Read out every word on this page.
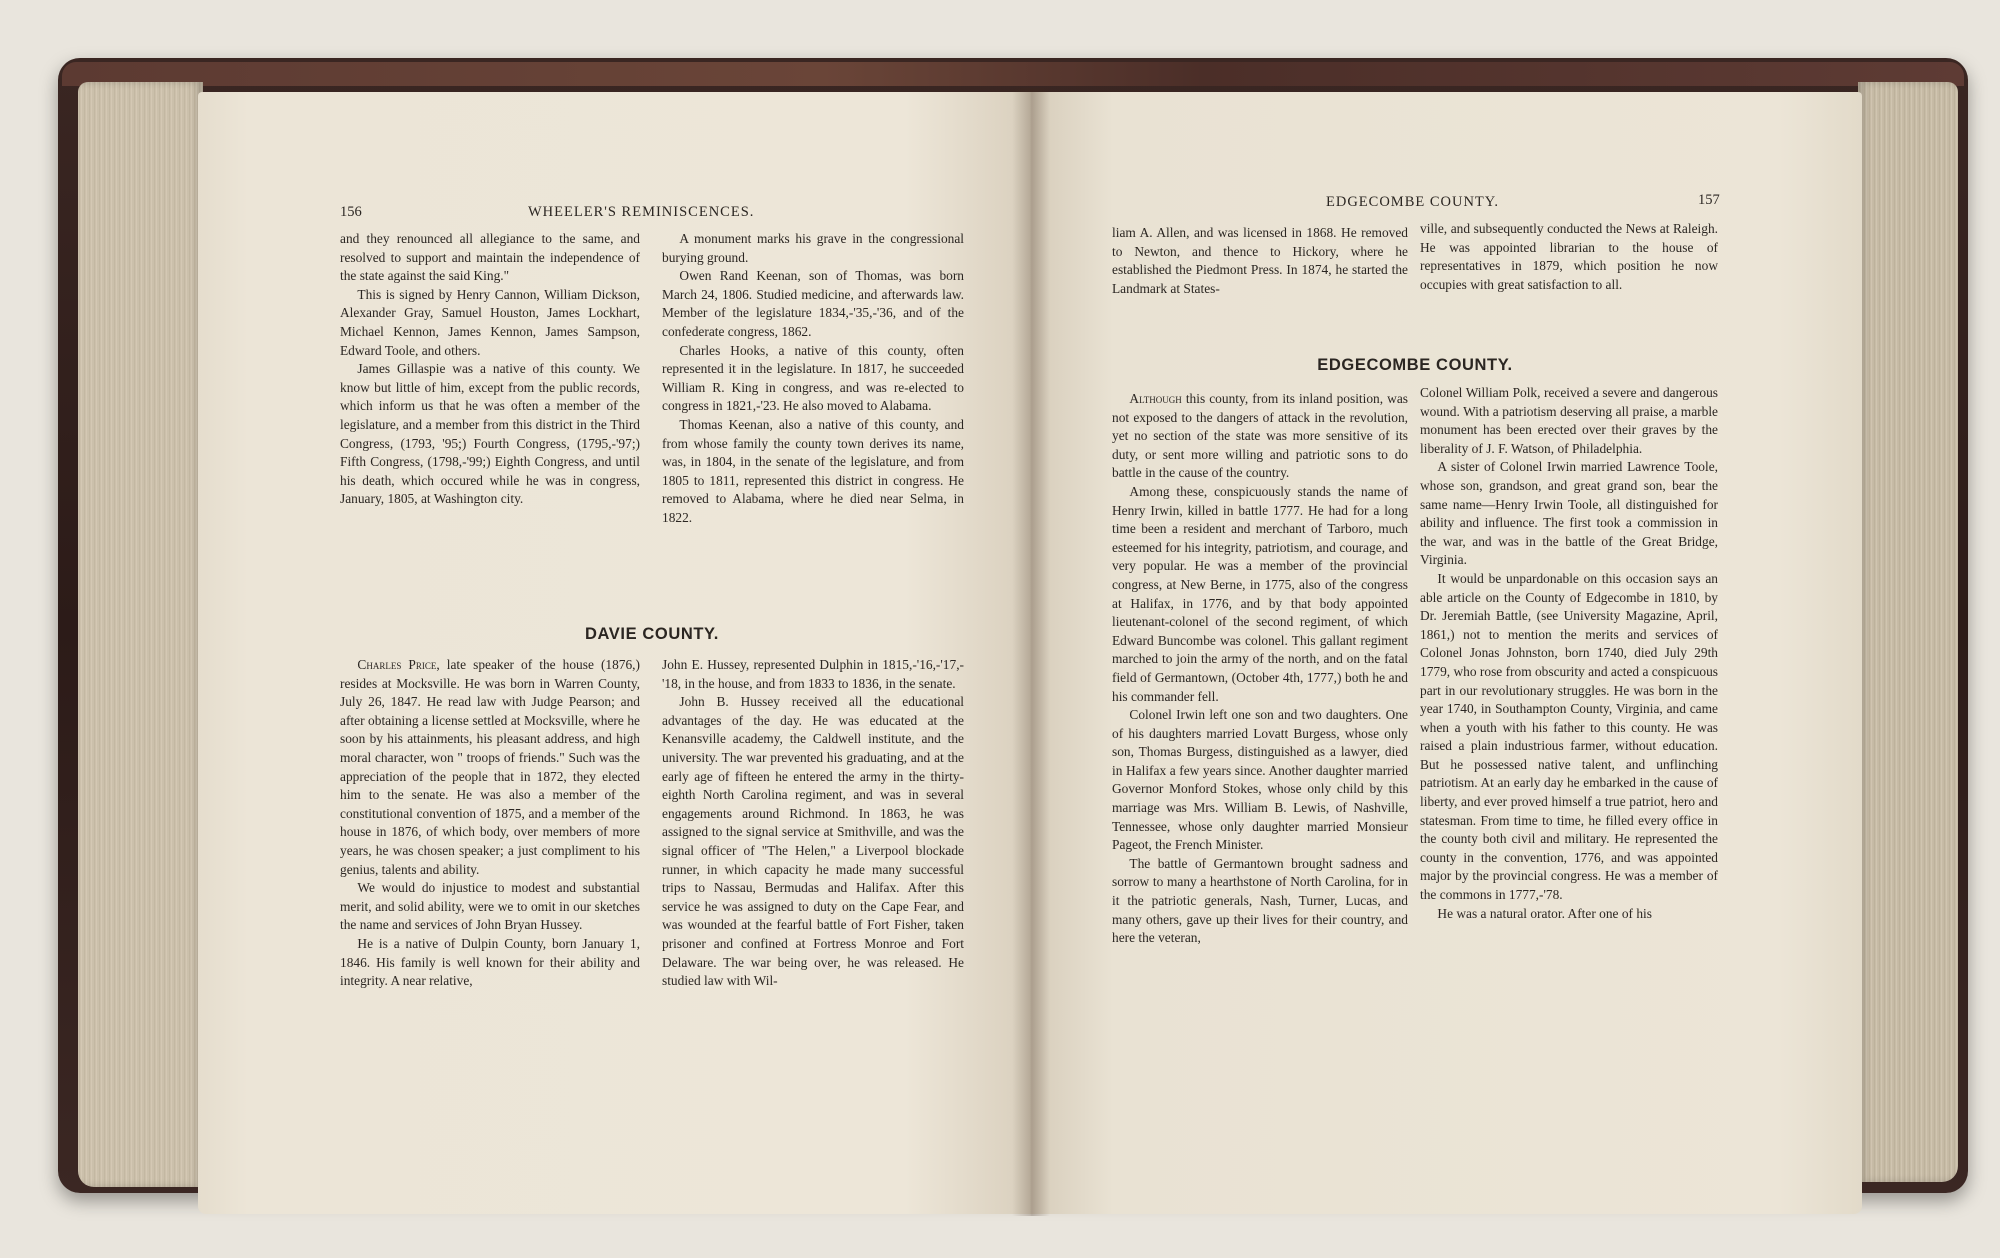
156	WHEELER'S REMINISCENCES.

and they renounced all allegiance to the same, and resolved to support and maintain the independence of the state against the said King."

This is signed by Henry Cannon, William Dickson, Alexander Gray, Samuel Houston, James Lockhart, Michael Kennon, James Kennon, James Sampson, Edward Toole, and others.

James Gillaspie was a native of this county. We know but little of him, except from the public records, which inform us that he was often a member of the legislature, and a member from this district in the Third Congress, (1793, '95;) Fourth Congress, (1795,-'97;) Fifth Congress, (1798,-'99;) Eighth Congress, and until his death, which occured while he was in congress, January, 1805, at Washington city.

A monument marks his grave in the congressional burying ground.

Owen Rand Keenan, son of Thomas, was born March 24, 1806. Studied medicine, and afterwards law. Member of the legislature 1834,-'35,-'36, and of the confederate congress, 1862.

Charles Hooks, a native of this county, often represented it in the legislature. In 1817, he succeeded William R. King in congress, and was re-elected to congress in 1821,-'23. He also moved to Alabama.

Thomas Keenan, also a native of this county, and from whose family the county town derives its name, was, in 1804, in the senate of the legislature, and from 1805 to 1811, represented this district in congress. He removed to Alabama, where he died near Selma, in 1822.

DAVIE COUNTY.

Charles Price, late speaker of the house (1876,) resides at Mocksville. He was born in Warren County, July 26, 1847. He read law with Judge Pearson; and after obtaining a license settled at Mocksville, where he soon by his attainments, his pleasant address, and high moral character, won " troops of friends." Such was the appreciation of the people that in 1872, they elected him to the senate. He was also a member of the constitutional convention of 1875, and a member of the house in 1876, of which body, over members of more years, he was chosen speaker; a just compliment to his genius, talents and ability.

We would do injustice to modest and substantial merit, and solid ability, were we to omit in our sketches the name and services of John Bryan Hussey.

He is a native of Dulpin County, born January 1, 1846. His family is well known for their ability and integrity. A near relative,

John E. Hussey, represented Dulphin in 1815,-'16,-'17,-'18, in the house, and from 1833 to 1836, in the senate.

John B. Hussey received all the educational advantages of the day. He was educated at the Kenansville academy, the Caldwell institute, and the university. The war prevented his graduating, and at the early age of fifteen he entered the army in the thirty-eighth North Carolina regiment, and was in several engagements around Richmond. In 1863, he was assigned to the signal service at Smithville, and was the signal officer of "The Helen," a Liverpool blockade runner, in which capacity he made many successful trips to Nassau, Bermudas and Halifax. After this service he was assigned to duty on the Cape Fear, and was wounded at the fearful battle of Fort Fisher, taken prisoner and confined at Fortress Monroe and Fort Delaware. The war being over, he was released. He studied law with Wil-

EDGECOMBE COUNTY.	157

liam A. Allen, and was licensed in 1868. He removed to Newton, and thence to Hickory, where he established the Piedmont Press. In 1874, he started the Landmark at States-

ville, and subsequently conducted the News at Raleigh. He was appointed librarian to the house of representatives in 1879, which position he now occupies with great satisfaction to all.

EDGECOMBE COUNTY.

Although this county, from its inland position, was not exposed to the dangers of attack in the revolution, yet no section of the state was more sensitive of its duty, or sent more willing and patriotic sons to do battle in the cause of the country.

Among these, conspicuously stands the name of Henry Irwin, killed in battle 1777. He had for a long time been a resident and merchant of Tarboro, much esteemed for his integrity, patriotism, and courage, and very popular. He was a member of the provincial congress, at New Berne, in 1775, also of the congress at Halifax, in 1776, and by that body appointed lieutenant-colonel of the second regiment, of which Edward Buncombe was colonel. This gallant regiment marched to join the army of the north, and on the fatal field of Germantown, (October 4th, 1777,) both he and his commander fell.

Colonel Irwin left one son and two daughters. One of his daughters married Lovatt Burgess, whose only son, Thomas Burgess, distinguished as a lawyer, died in Halifax a few years since. Another daughter married Governor Monford Stokes, whose only child by this marriage was Mrs. William B. Lewis, of Nashville, Tennessee, whose only daughter married Monsieur Pageot, the French Minister.

The battle of Germantown brought sadness and sorrow to many a hearthstone of North Carolina, for in it the patriotic generals, Nash, Turner, Lucas, and many others, gave up their lives for their country, and here the veteran,

Colonel William Polk, received a severe and dangerous wound. With a patriotism deserving all praise, a marble monument has been erected over their graves by the liberality of J. F. Watson, of Philadelphia.

A sister of Colonel Irwin married Lawrence Toole, whose son, grandson, and great grand son, bear the same name—Henry Irwin Toole, all distinguished for ability and influence. The first took a commission in the war, and was in the battle of the Great Bridge, Virginia.

It would be unpardonable on this occasion says an able article on the County of Edgecombe in 1810, by Dr. Jeremiah Battle, (see University Magazine, April, 1861,) not to mention the merits and services of Colonel Jonas Johnston, born 1740, died July 29th 1779, who rose from obscurity and acted a conspicuous part in our revolutionary struggles. He was born in the year 1740, in Southampton County, Virginia, and came when a youth with his father to this county. He was raised a plain industrious farmer, without education. But he possessed native talent, and unflinching patriotism. At an early day he embarked in the cause of liberty, and ever proved himself a true patriot, hero and statesman. From time to time, he filled every office in the county both civil and military. He represented the county in the convention, 1776, and was appointed major by the provincial congress. He was a member of the commons in 1777,-'78.

He was a natural orator. After one of his
